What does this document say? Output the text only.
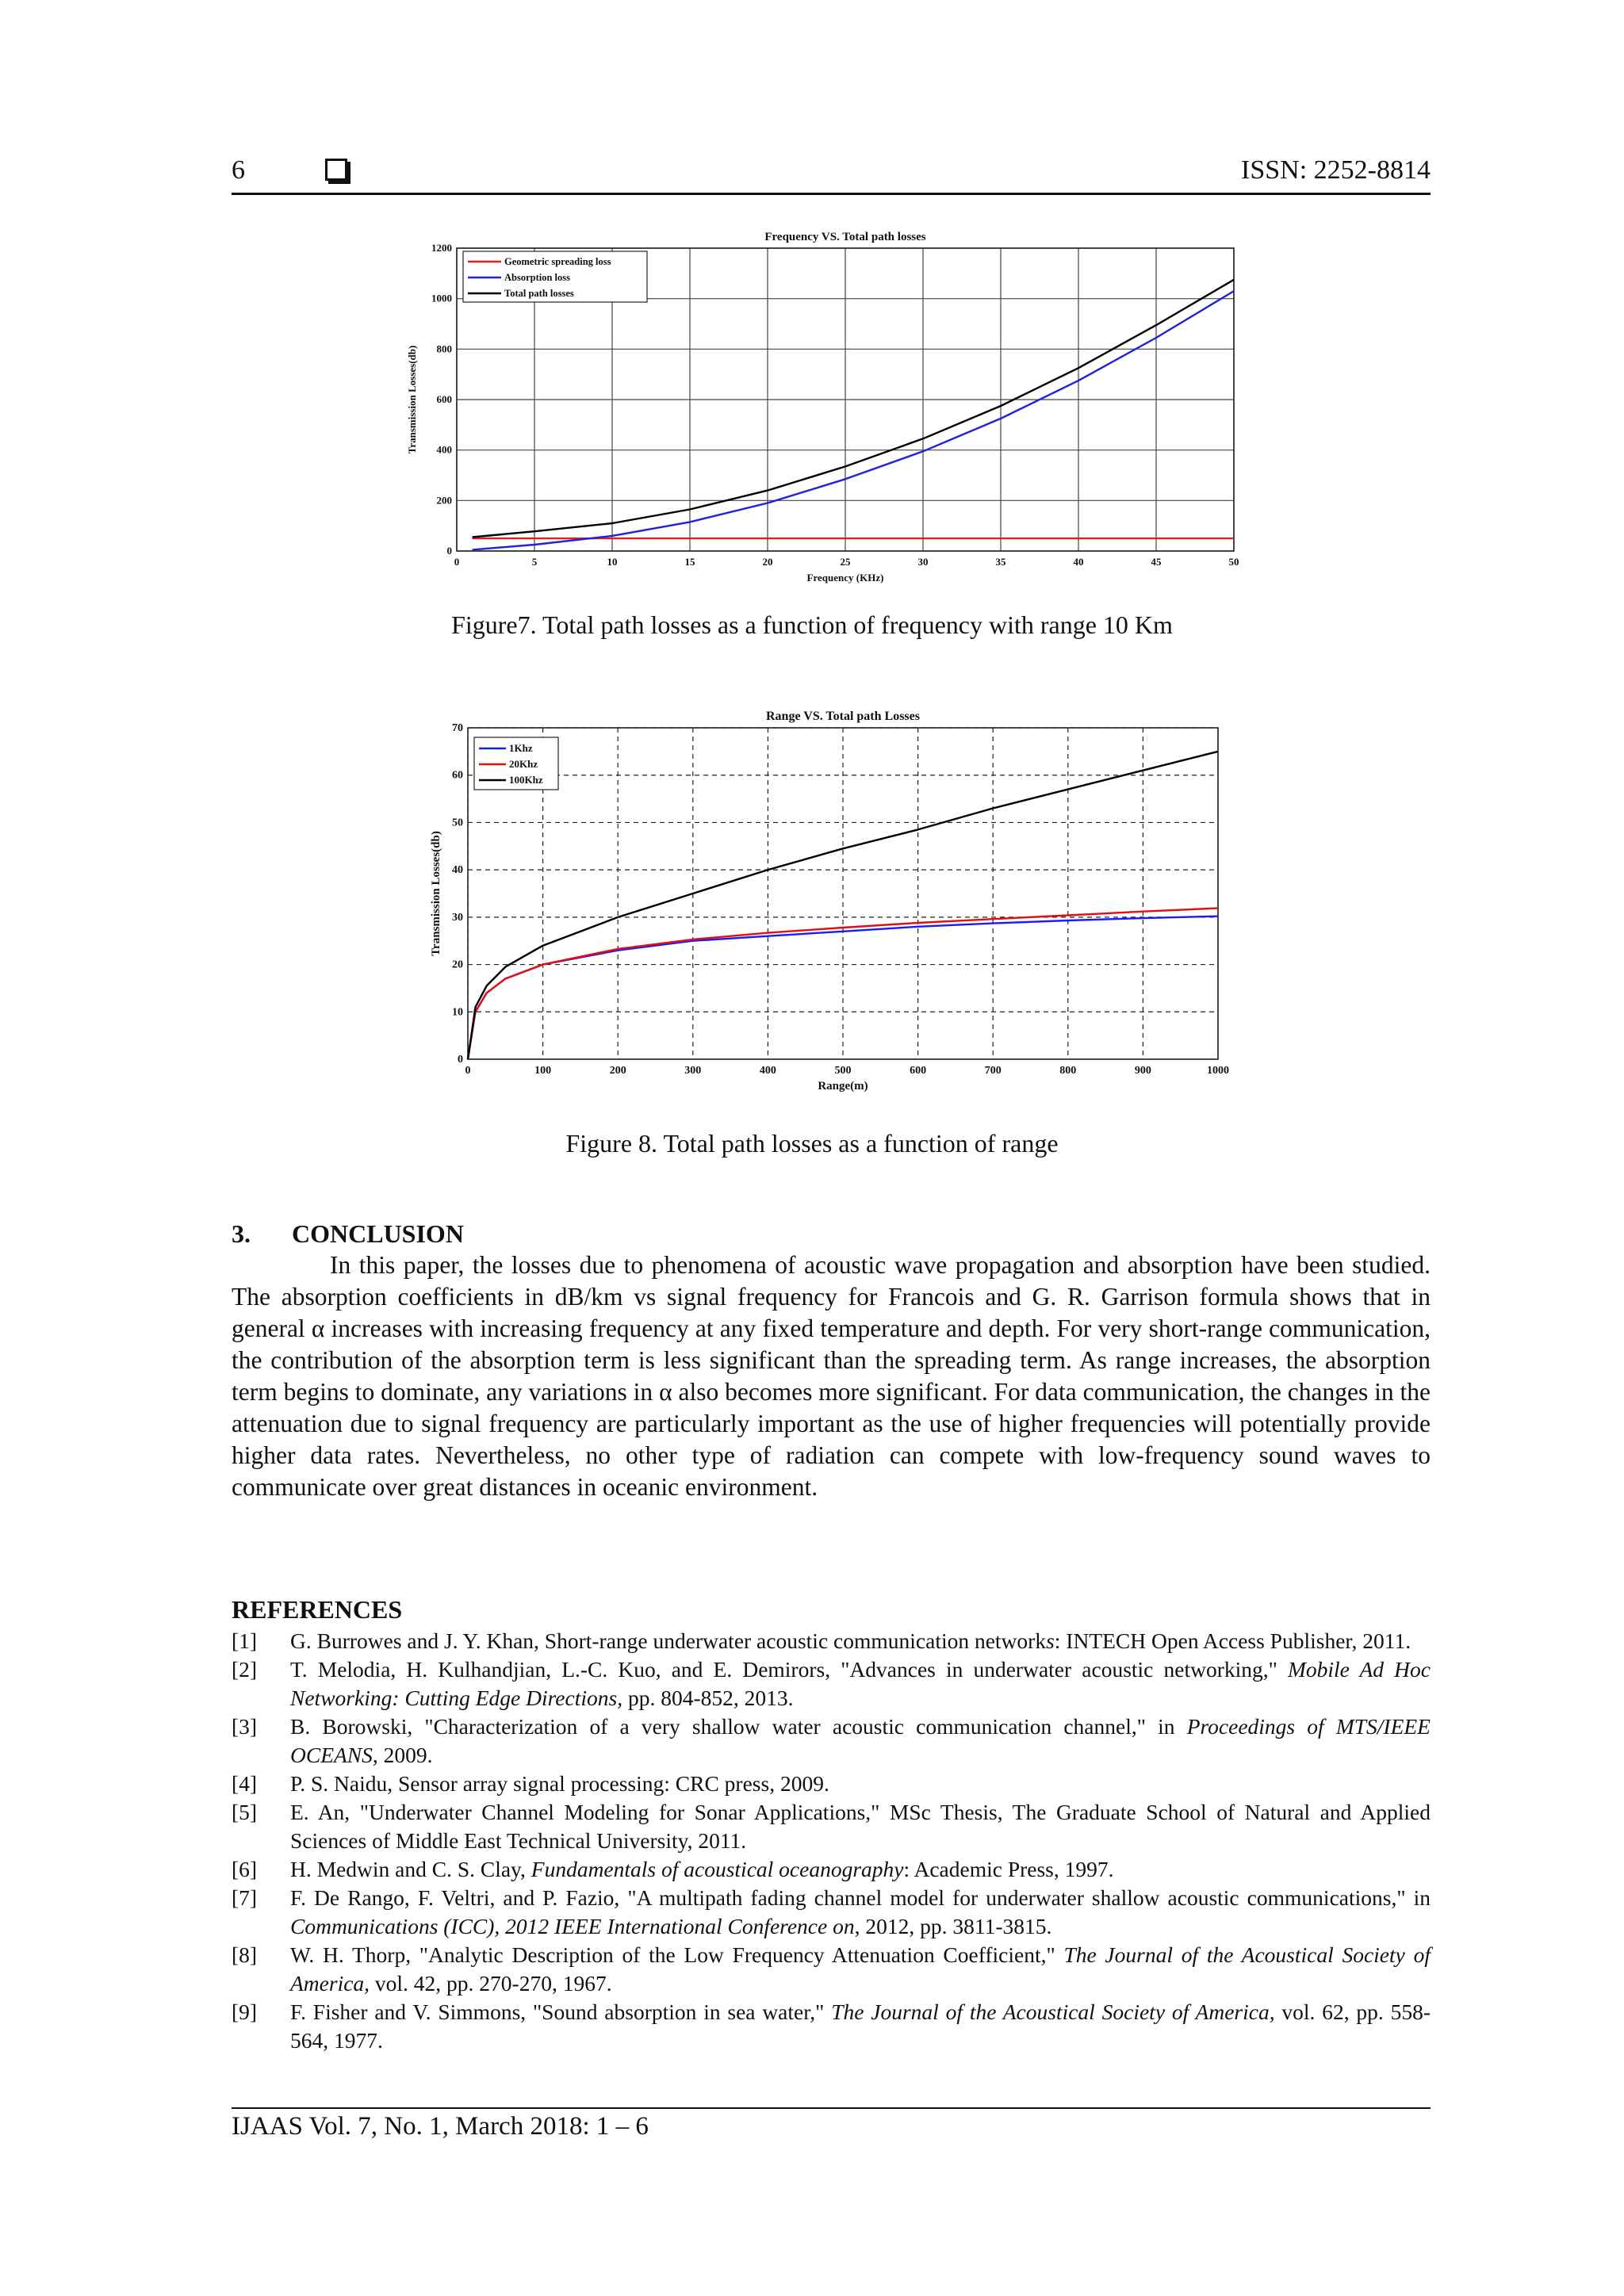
6	ISSN: 2252-8814
0	5	10	15	20	25	30	35	40	45	50
0
200
400
600
800
1000
1200
Frequency VS. Total path losses
Frequency (KHz)
Transmission Losses(db)
Geometric spreading loss
Absorption loss
Total path losses
Figure7. Total path losses as a function of frequency with range 10 Km
0	100	200	300	400	500	600	700	800	900	1000
0
10
20
30
40
50
60
70
Range VS. Total path Losses
Range(m)
Transmission Losses(db)
1Khz
20Khz
100Khz
Figure 8. Total path losses as a function of range
3. CONCLUSION

In this paper, the losses due to phenomena of acoustic wave propagation and absorption have been studied. The absorption coefficients in dB/km vs signal frequency for Francois and G. R. Garrison formula shows that in general α increases with increasing frequency at any fixed temperature and depth. For very short-range communication, the contribution of the absorption term is less significant than the spreading term. As range increases, the absorption term begins to dominate, any variations in α also becomes more significant. For data communication, the changes in the attenuation due to signal frequency are particularly important as the use of higher frequencies will potentially provide higher data rates. Nevertheless, no other type of radiation can compete with low-frequency sound waves to communicate over great distances in oceanic environment.

REFERENCES
[1] G. Burrowes and J. Y. Khan, Short-range underwater acoustic communication networks: INTECH Open Access Publisher, 2011.
[2] T. Melodia, H. Kulhandjian, L.-C. Kuo, and E. Demirors, "Advances in underwater acoustic networking," Mobile Ad Hoc Networking: Cutting Edge Directions, pp. 804-852, 2013.
[3] B. Borowski, "Characterization of a very shallow water acoustic communication channel," in Proceedings of MTS/IEEE OCEANS, 2009.
[4] P. S. Naidu, Sensor array signal processing: CRC press, 2009.
[5] E. An, "Underwater Channel Modeling for Sonar Applications," MSc Thesis, The Graduate School of Natural and Applied Sciences of Middle East Technical University, 2011.
[6] H. Medwin and C. S. Clay, Fundamentals of acoustical oceanography: Academic Press, 1997.
[7] F. De Rango, F. Veltri, and P. Fazio, "A multipath fading channel model for underwater shallow acoustic communications," in Communications (ICC), 2012 IEEE International Conference on, 2012, pp. 3811-3815.
[8] W. H. Thorp, "Analytic Description of the Low Frequency Attenuation Coefficient," The Journal of the Acoustical Society of America, vol. 42, pp. 270-270, 1967.
[9] F. Fisher and V. Simmons, "Sound absorption in sea water," The Journal of the Acoustical Society of America, vol. 62, pp. 558-564, 1977.
IJAAS Vol. 7, No. 1, March 2018: 1 – 6
